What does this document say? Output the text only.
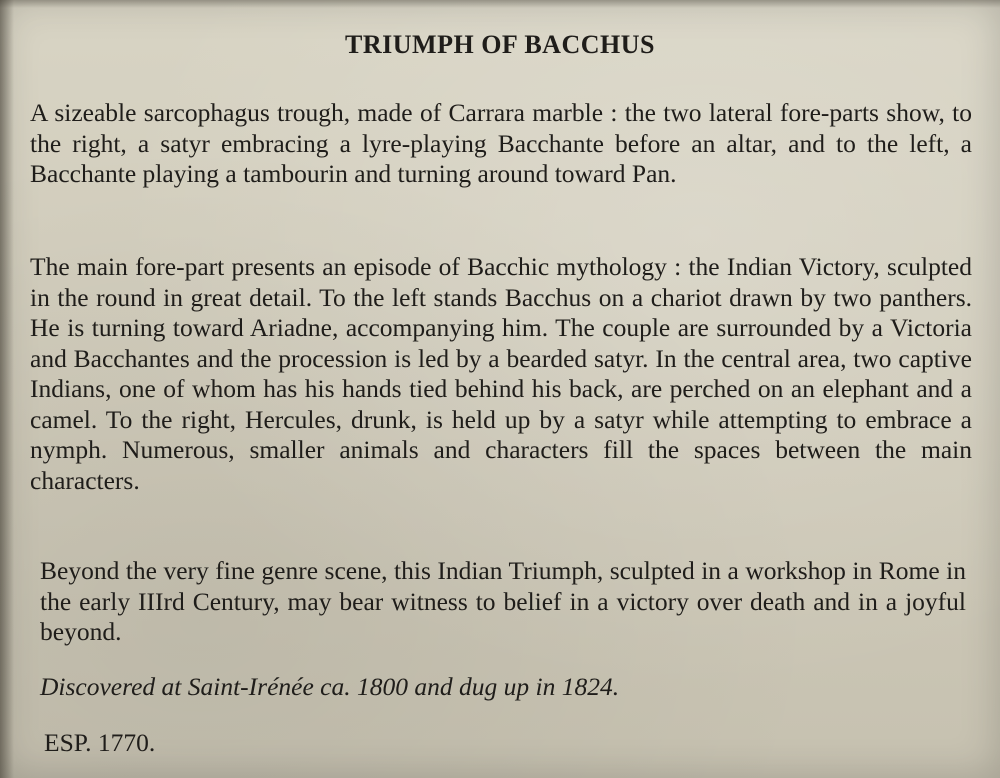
TRIUMPH OF BACCHUS

A sizeable sarcophagus trough, made of Carrara marble : the two lateral fore-parts show, to the right, a satyr embracing a lyre-playing Bacchante before an altar, and to the left, a Bacchante playing a tambourin and turning around toward Pan.

The main fore-part presents an episode of Bacchic mythology : the Indian Victory, sculpted in the round in great detail. To the left stands Bacchus on a chariot drawn by two panthers. He is turning toward Ariadne, accompanying him. The couple are surrounded by a Victoria and Bacchantes and the procession is led by a bearded satyr. In the central area, two captive Indians, one of whom has his hands tied behind his back, are perched on an elephant and a camel. To the right, Hercules, drunk, is held up by a satyr while attempting to embrace a nymph. Numerous, smaller animals and characters fill the spaces between the main characters.

Beyond the very fine genre scene, this Indian Triumph, sculpted in a workshop in Rome in the early IIIrd Century, may bear witness to belief in a victory over death and in a joyful beyond.

Discovered at Saint-Irénée ca. 1800 and dug up in 1824.

ESP. 1770.
